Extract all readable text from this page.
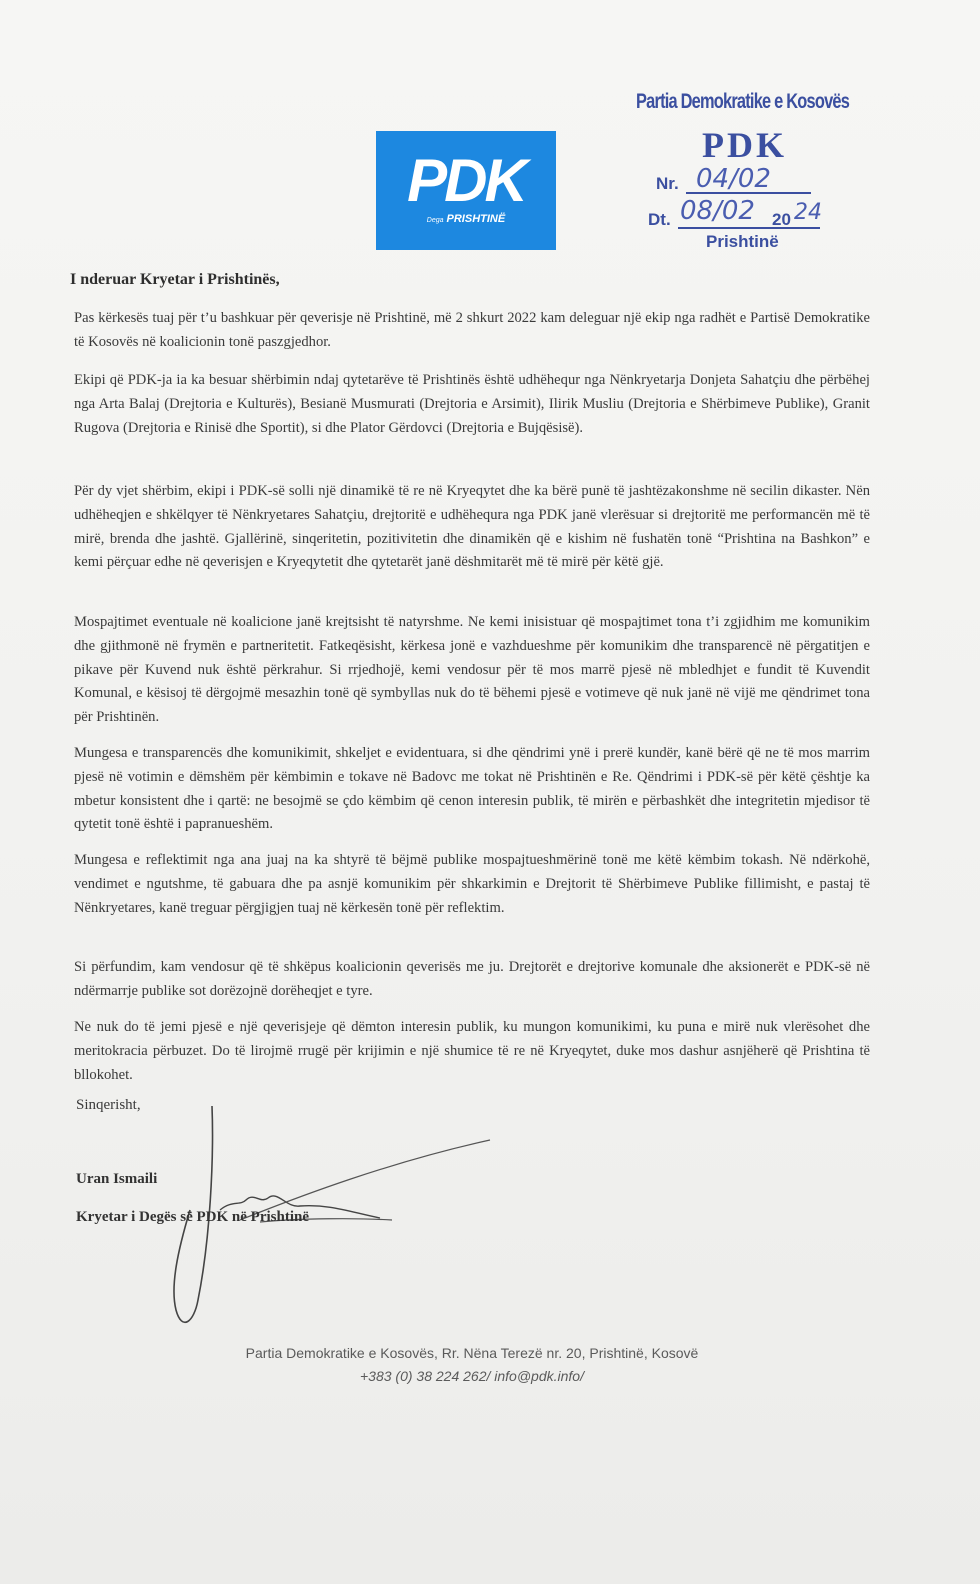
PDK
Dega PRISHTINË
Partia Demokratike e Kosovës
PDK
Nr. 04/02
Dt. 08/02 20 24
Prishtinë
I nderuar Kryetar i Prishtinës,
Pas kërkesës tuaj për t’u bashkuar për qeverisje në Prishtinë, më 2 shkurt 2022 kam deleguar një ekip nga radhët e Partisë Demokratike të Kosovës në koalicionin tonë paszgjedhor.
Ekipi që PDK-ja ia ka besuar shërbimin ndaj qytetarëve të Prishtinës është udhëhequr nga Nënkryetarja Donjeta Sahatçiu dhe përbëhej nga Arta Balaj (Drejtoria e Kulturës), Besianë Musmurati (Drejtoria e Arsimit), Ilirik Musliu (Drejtoria e Shërbimeve Publike), Granit Rugova (Drejtoria e Rinisë dhe Sportit), si dhe Plator Gërdovci (Drejtoria e Bujqësisë).
Për dy vjet shërbim, ekipi i PDK-së solli një dinamikë të re në Kryeqytet dhe ka bërë punë të jashtëzakonshme në secilin dikaster. Nën udhëheqjen e shkëlqyer të Nënkryetares Sahatçiu, drejtoritë e udhëhequra nga PDK janë vlerësuar si drejtoritë me performancën më të mirë, brenda dhe jashtë. Gjallërinë, sinqeritetin, pozitivitetin dhe dinamikën që e kishim në fushatën tonë “Prishtina na Bashkon” e kemi përçuar edhe në qeverisjen e Kryeqytetit dhe qytetarët janë dëshmitarët më të mirë për këtë gjë.
Mospajtimet eventuale në koalicione janë krejtsisht të natyrshme. Ne kemi inisistuar që mospajtimet tona t’i zgjidhim me komunikim dhe gjithmonë në frymën e partneritetit. Fatkeqësisht, kërkesa jonë e vazhdueshme për komunikim dhe transparencë në përgatitjen e pikave për Kuvend nuk është përkrahur. Si rrjedhojë, kemi vendosur për të mos marrë pjesë në mbledhjet e fundit të Kuvendit Komunal, e kësisoj të dërgojmë mesazhin tonë që symbyllas nuk do të bëhemi pjesë e votimeve që nuk janë në vijë me qëndrimet tona për Prishtinën.
Mungesa e transparencës dhe komunikimit, shkeljet e evidentuara, si dhe qëndrimi ynë i prerë kundër, kanë bërë që ne të mos marrim pjesë në votimin e dëmshëm për këmbimin e tokave në Badovc me tokat në Prishtinën e Re. Qëndrimi i PDK-së për këtë çështje ka mbetur konsistent dhe i qartë: ne besojmë se çdo këmbim që cenon interesin publik, të mirën e përbashkët dhe integritetin mjedisor të qytetit tonë është i papranueshëm.
Mungesa e reflektimit nga ana juaj na ka shtyrë të bëjmë publike mospajtueshmërinë tonë me këtë këmbim tokash. Në ndërkohë, vendimet e ngutshme, të gabuara dhe pa asnjë komunikim për shkarkimin e Drejtorit të Shërbimeve Publike fillimisht, e pastaj të Nënkryetares, kanë treguar përgjigjen tuaj në kërkesën tonë për reflektim.
Si përfundim, kam vendosur që të shkëpus koalicionin qeverisës me ju. Drejtorët e drejtorive komunale dhe aksionerët e PDK-së në ndërmarrje publike sot dorëzojnë dorëheqjet e tyre.
Ne nuk do të jemi pjesë e një qeverisjeje që dëmton interesin publik, ku mungon komunikimi, ku puna e mirë nuk vlerësohet dhe meritokracia përbuzet. Do të lirojmë rrugë për krijimin e një shumice të re në Kryeqytet, duke mos dashur asnjëherë që Prishtina të bllokohet.
Sinqerisht,
Uran Ismaili
Kryetar i Degës së PDK në Prishtinë
Partia Demokratike e Kosovës, Rr. Nëna Terezë nr. 20, Prishtinë, Kosovë
+383 (0) 38 224 262/ info@pdk.info/
